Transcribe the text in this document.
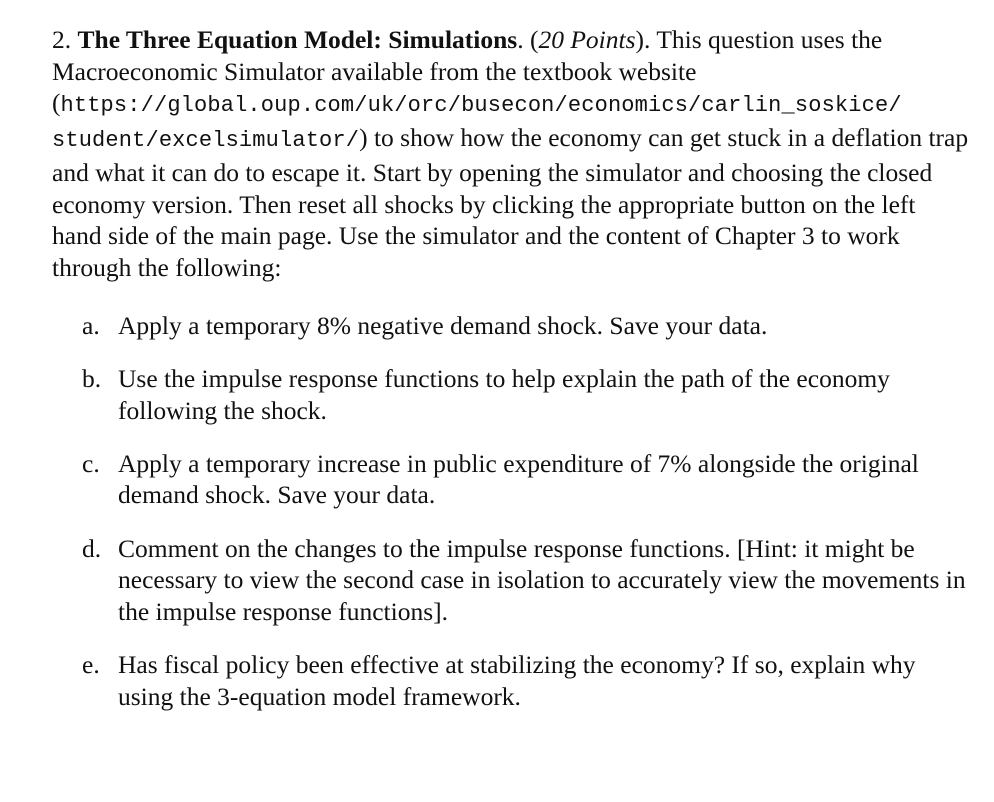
2. The Three Equation Model: Simulations. (20 Points). This question uses the Macroeconomic Simulator available from the textbook website (https://global.oup.com/uk/orc/busecon/economics/carlin_soskice/
student/excelsimulator/) to show how the economy can get stuck in a deflation trap and what it can do to escape it. Start by opening the simulator and choosing the closed economy version. Then reset all shocks by clicking the appropriate button on the left hand side of the main page. Use the simulator and the content of Chapter 3 to work through the following:

a. Apply a temporary 8% negative demand shock. Save your data.
b. Use the impulse response functions to help explain the path of the economy following the shock.
c. Apply a temporary increase in public expenditure of 7% alongside the original demand shock. Save your data.
d. Comment on the changes to the impulse response functions. [Hint: it might be necessary to view the second case in isolation to accurately view the movements in the impulse response functions].
e. Has fiscal policy been effective at stabilizing the economy? If so, explain why using the 3-equation model framework.
